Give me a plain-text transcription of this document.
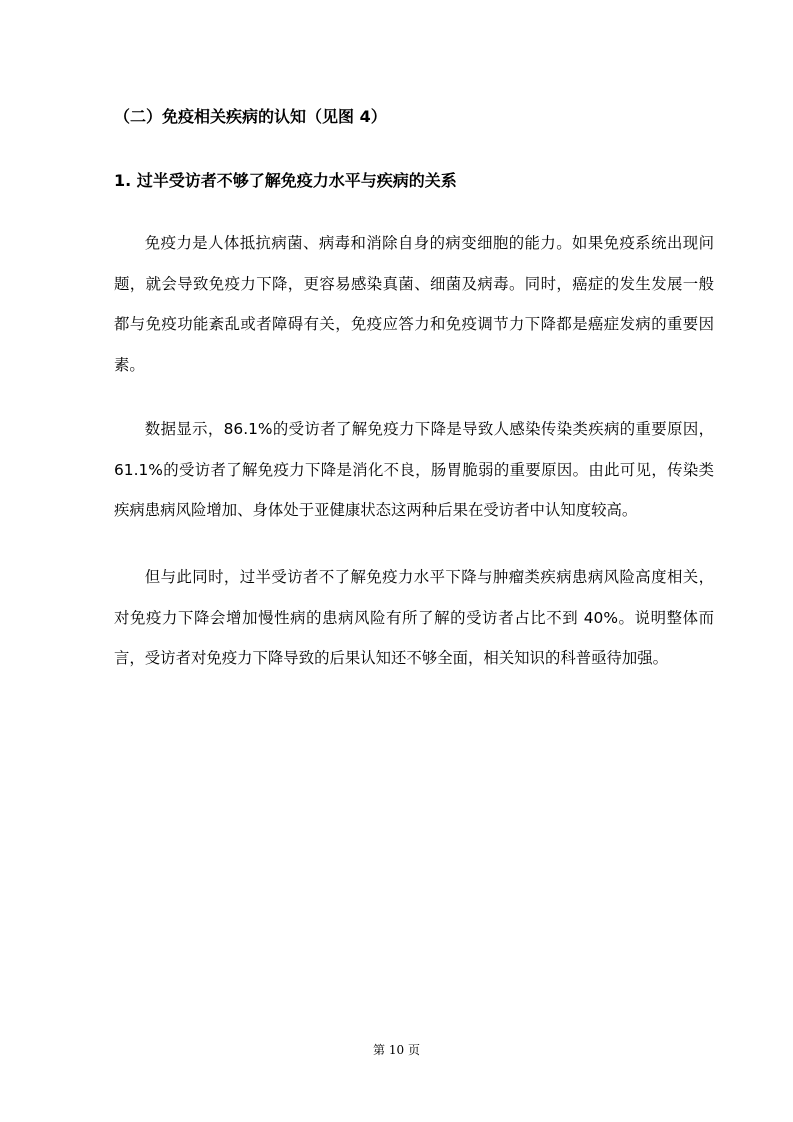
（二）免疫相关疾病的认知（见图 4）
1. 过半受访者不够了解免疫力水平与疾病的关系

免疫力是人体抵抗病菌、病毒和消除自身的病变细胞的能力。如果免疫系统出现问题，就会导致免疫力下降，更容易感染真菌、细菌及病毒。同时，癌症的发生发展一般都与免疫功能紊乱或者障碍有关，免疫应答力和免疫调节力下降都是癌症发病的重要因素。

数据显示，86.1%的受访者了解免疫力下降是导致人感染传染类疾病的重要原因，61.1%的受访者了解免疫力下降是消化不良，肠胃脆弱的重要原因。由此可见，传染类疾病患病风险增加、身体处于亚健康状态这两种后果在受访者中认知度较高。

但与此同时，过半受访者不了解免疫力水平下降与肿瘤类疾病患病风险高度相关，对免疫力下降会增加慢性病的患病风险有所了解的受访者占比不到 40%。说明整体而言，受访者对免疫力下降导致的后果认知还不够全面，相关知识的科普亟待加强。

第 10 页
